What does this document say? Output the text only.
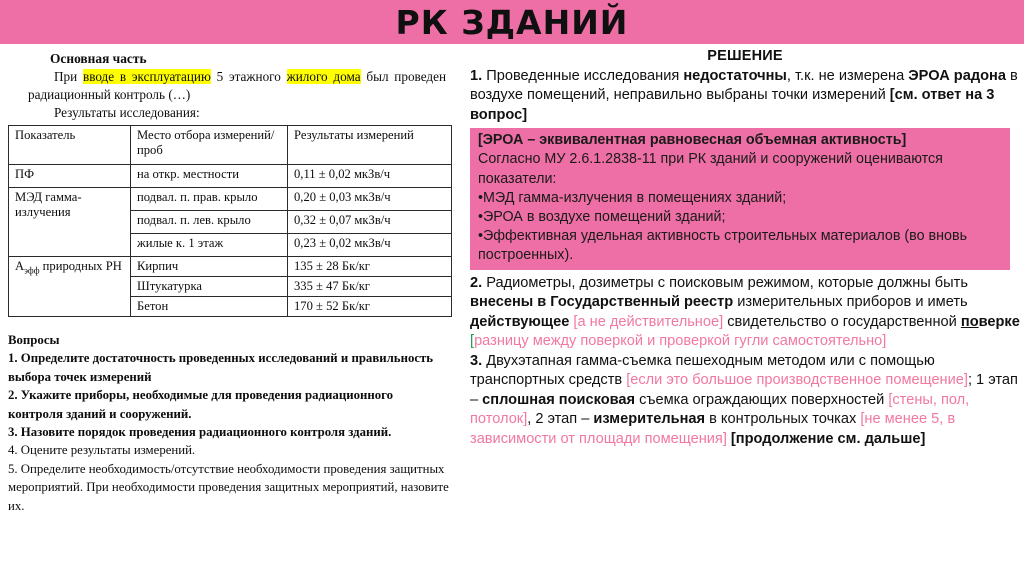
РК ЗДАНИЙ
Основная часть

При вводе в эксплуатацию 5 этажного жилого дома был проведен радиационный контроль (…)

Результаты исследования:

Показатель	Место отбора измерений/проб	Результаты измерений
ПФ	на откр. местности	0,11 ± 0,02 мкЗв/ч
МЭД гамма-излучения	подвал. п. прав. крыло	0,20 ± 0,03 мкЗв/ч
	подвал. п. лев. крыло	0,32 ± 0,07 мкЗв/ч
	жилые к. 1 этаж	0,23 ± 0,02 мкЗв/ч
$А_{эфф}$ природных РН	Кирпич	135 ± 28 Бк/кг
	Штукатурка	335 ± 47 Бк/кг
	Бетон	170 ± 52 Бк/кг

Вопросы

1. Определите достаточность проведенных исследований и правильность выбора точек измерений

2. Укажите приборы, необходимые для проведения радиационного контроля зданий и сооружений.

3. Назовите порядок проведения радиационного контроля зданий.

4. Оцените результаты измерений.

5. Определите необходимость/отсутствие необходимости проведения защитных мероприятий. При необходимости проведения защитных мероприятий, назовите их.

РЕШЕНИЕ

1. Проведенные исследования недостаточны, т.к. не измерена ЭРОА радона в воздухе помещений, неправильно выбраны точки измерений [см. ответ на 3 вопрос]

[ЭРОА – эквивалентная равновесная объемная активность]

Согласно МУ 2.6.1.2838-11 при РК зданий и сооружений оцениваются показатели:

•МЭД гамма-излучения в помещениях зданий;

•ЭРОА в воздухе помещений зданий;

•Эффективная удельная активность строительных материалов (во вновь построенных).

2. Радиометры, дозиметры с поисковым режимом, которые должны быть внесены в Государственный реестр измерительных приборов и иметь действующее [а не действительное] свидетельство о государственной поверке [разницу между поверкой и проверкой гугли самостоятельно]

3. Двухэтапная гамма-съемка пешеходным методом или с помощью транспортных средств [если это большое производственное помещение]; 1 этап – сплошная поисковая съемка ограждающих поверхностей [стены, пол, потолок], 2 этап – измерительная в контрольных точках [не менее 5, в зависимости от площади помещения] [продолжение см. дальше]
